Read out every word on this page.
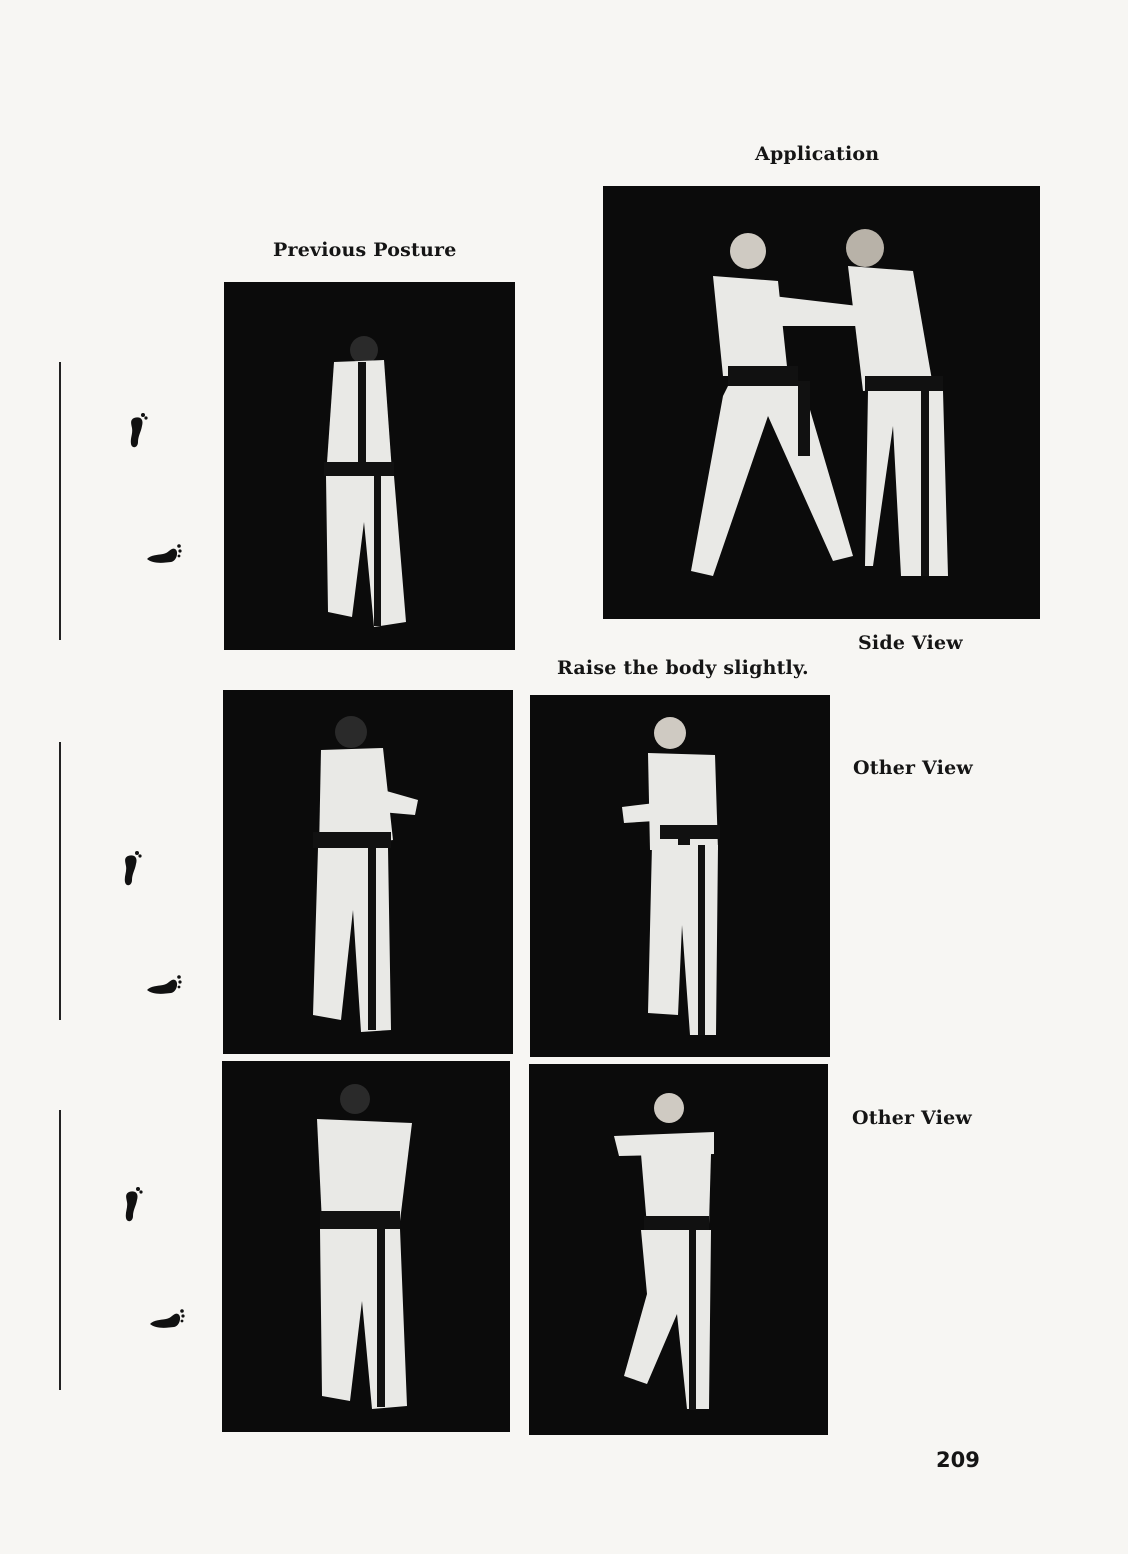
Application
Previous Posture
Side View
Raise the body slightly.
Other View
Other View
209
